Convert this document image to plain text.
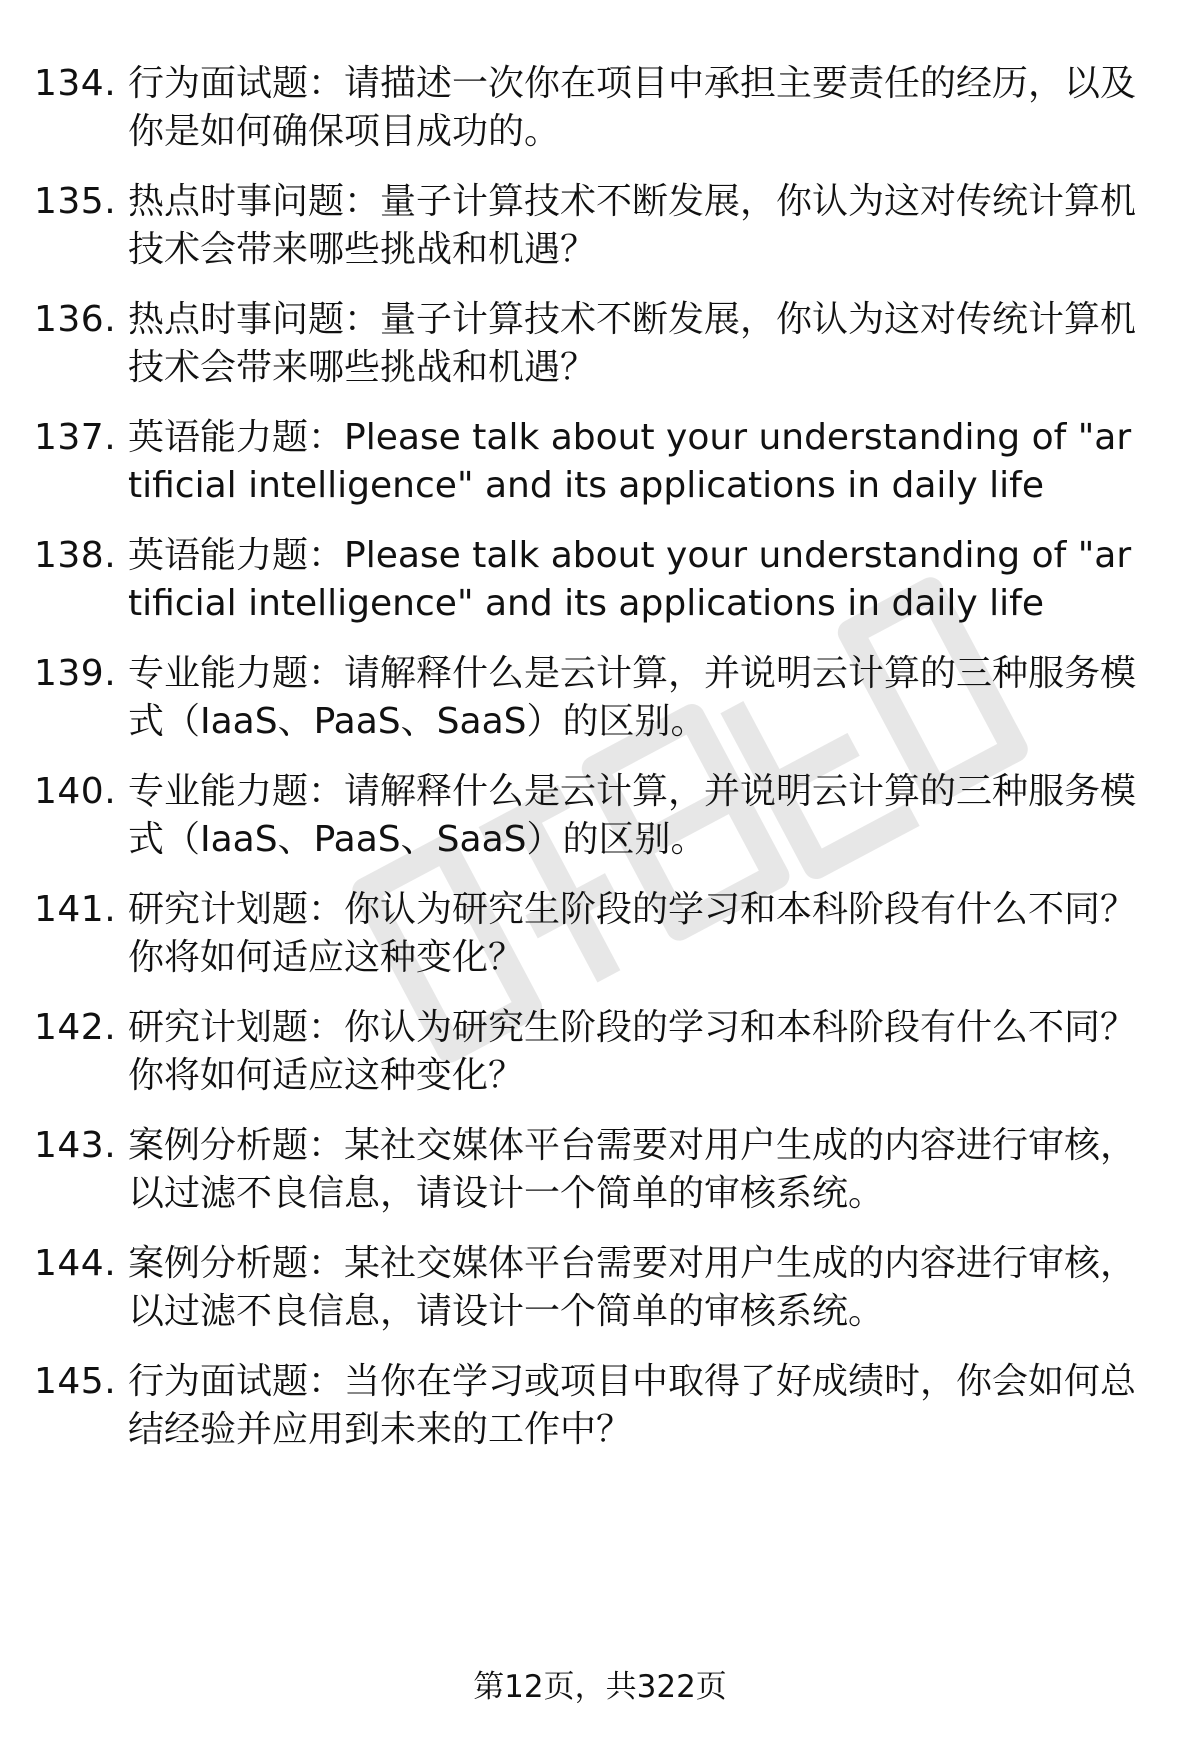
134. 行为面试题：请描述一次你在项目中承担主要责任的经历，以及你是如何确保项目成功的。
135. 热点时事问题：量子计算技术不断发展，你认为这对传统计算机技术会带来哪些挑战和机遇？
136. 热点时事问题：量子计算技术不断发展，你认为这对传统计算机技术会带来哪些挑战和机遇？
137. 英语能力题：Please talk about your understanding of "artificial intelligence" and its applications in daily life
138. 英语能力题：Please talk about your understanding of "artificial intelligence" and its applications in daily life
139. 专业能力题：请解释什么是云计算，并说明云计算的三种服务模式（IaaS、PaaS、SaaS）的区别。
140. 专业能力题：请解释什么是云计算，并说明云计算的三种服务模式（IaaS、PaaS、SaaS）的区别。
141. 研究计划题：你认为研究生阶段的学习和本科阶段有什么不同？你将如何适应这种变化？
142. 研究计划题：你认为研究生阶段的学习和本科阶段有什么不同？你将如何适应这种变化？
143. 案例分析题：某社交媒体平台需要对用户生成的内容进行审核，以过滤不良信息，请设计一个简单的审核系统。
144. 案例分析题：某社交媒体平台需要对用户生成的内容进行审核，以过滤不良信息，请设计一个简单的审核系统。
145. 行为面试题：当你在学习或项目中取得了好成绩时，你会如何总结经验并应用到未来的工作中？
第12页，共322页
